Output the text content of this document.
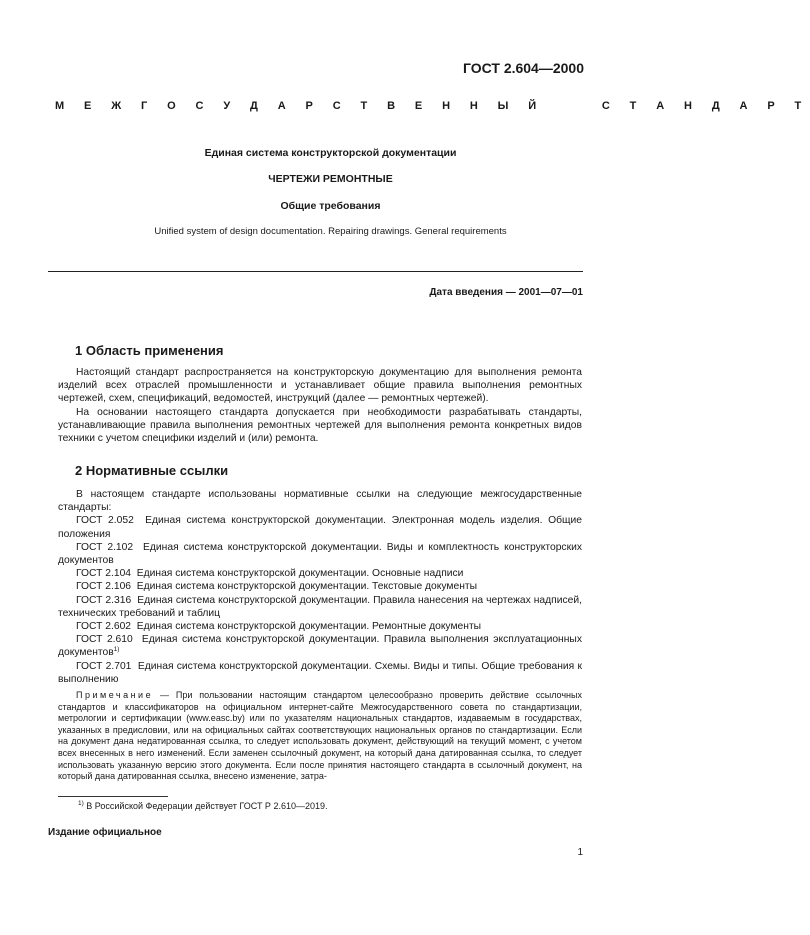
ГОСТ 2.604—2000
М Е Ж Г О С У Д А Р С Т В Е Н Н Ы Й     С Т А Н Д А Р Т
Единая система конструкторской документации
ЧЕРТЕЖИ РЕМОНТНЫЕ
Общие требования
Unified system of design documentation. Repairing drawings. General requirements
Дата введения — 2001—07—01
1 Область применения

Настоящий стандарт распространяется на конструкторскую документацию для выполнения ремонта изделий всех отраслей промышленности и устанавливает общие правила выполнения ремонтных чертежей, схем, спецификаций, ведомостей, инструкций (далее — ремонтных чертежей).

На основании настоящего стандарта допускается при необходимости разрабатывать стандарты, устанавливающие правила выполнения ремонтных чертежей для выполнения ремонта конкретных видов техники с учетом специфики изделий и (или) ремонта.

2 Нормативные ссылки

В настоящем стандарте использованы нормативные ссылки на следующие межгосударственные стандарты:

ГОСТ 2.052 Единая система конструкторской документации. Электронная модель изделия. Общие положения

ГОСТ 2.102 Единая система конструкторской документации. Виды и комплектность конструкторских документов

ГОСТ 2.104 Единая система конструкторской документации. Основные надписи

ГОСТ 2.106 Единая система конструкторской документации. Текстовые документы

ГОСТ 2.316 Единая система конструкторской документации. Правила нанесения на чертежах надписей, технических требований и таблиц

ГОСТ 2.602 Единая система конструкторской документации. Ремонтные документы

ГОСТ 2.610 Единая система конструкторской документации. Правила выполнения эксплуатационных документов$^{1)}$

ГОСТ 2.701 Единая система конструкторской документации. Схемы. Виды и типы. Общие требования к выполнению

Примечание — При пользовании настоящим стандартом целесообразно проверить действие ссылочных стандартов и классификаторов на официальном интернет-сайте Межгосударственного совета по стандартизации, метрологии и сертификации (www.easc.by) или по указателям национальных стандартов, издаваемым в государствах, указанных в предисловии, или на официальных сайтах соответствующих национальных органов по стандартизации. Если на документ дана недатированная ссылка, то следует использовать документ, действующий на текущий момент, с учетом всех внесенных в него изменений. Если заменен ссылочный документ, на который дана датированная ссылка, то следует использовать указанную версию этого документа. Если после принятия настоящего стандарта в ссылочный документ, на который дана датированная ссылка, внесено изменение, затра-
$^{1)}$ В Российской Федерации действует ГОСТ Р 2.610—2019.
Издание официальное
1
